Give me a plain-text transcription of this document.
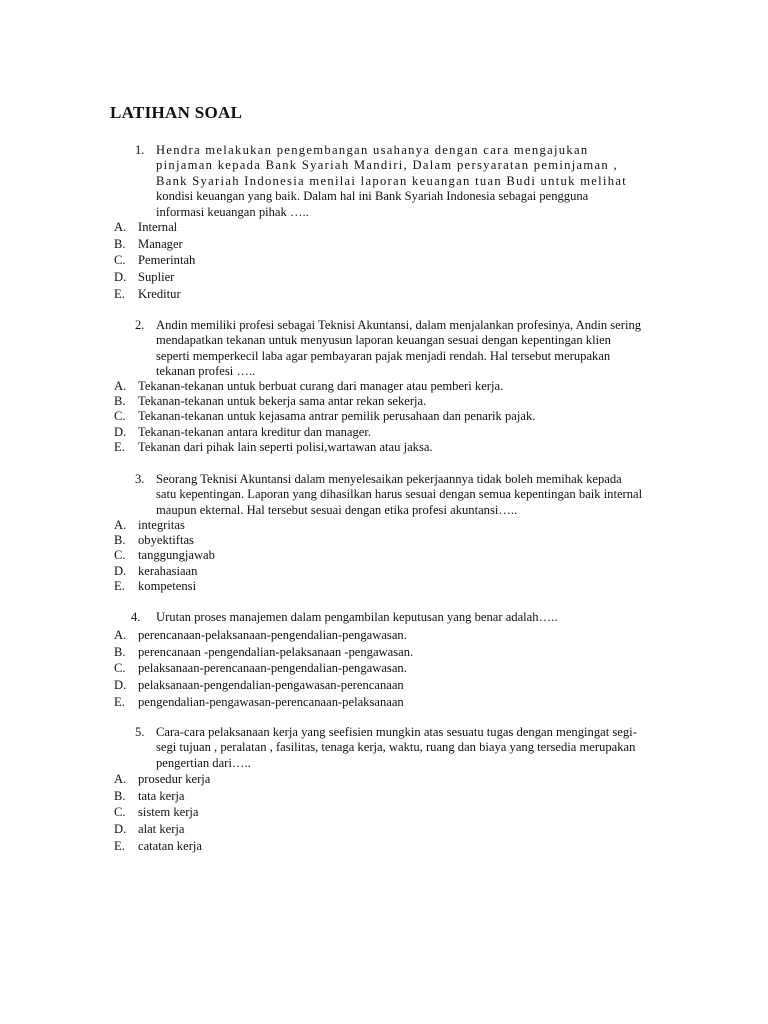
LATIHAN SOAL
1. Hendra melakukan pengembangan usahanya dengan cara mengajukan
pinjaman kepada Bank Syariah Mandiri, Dalam persyaratan peminjaman ,
Bank Syariah Indonesia menilai laporan keuangan tuan Budi untuk melihat
kondisi keuangan yang baik. Dalam hal ini Bank Syariah Indonesia sebagai pengguna
informasi keuangan pihak …..
A. Internal
B. Manager
C. Pemerintah
D. Suplier
E. Kreditur
2. Andin memiliki profesi sebagai Teknisi Akuntansi, dalam menjalankan profesinya, Andin sering
mendapatkan tekanan untuk menyusun laporan keuangan sesuai dengan kepentingan klien
seperti memperkecil laba agar pembayaran pajak menjadi rendah. Hal tersebut merupakan
tekanan profesi …..
A. Tekanan-tekanan untuk berbuat curang dari manager atau pemberi kerja.
B. Tekanan-tekanan untuk bekerja sama antar rekan sekerja.
C. Tekanan-tekanan untuk kejasama antrar pemilik perusahaan dan penarik pajak.
D. Tekanan-tekanan antara kreditur dan manager.
E. Tekanan dari pihak lain seperti polisi,wartawan atau jaksa.
3. Seorang Teknisi Akuntansi dalam menyelesaikan pekerjaannya tidak boleh memihak kepada
satu kepentingan. Laporan yang dihasilkan harus sesuai dengan semua kepentingan baik internal
maupun ekternal. Hal tersebut sesuai dengan etika profesi akuntansi…..
A. integritas
B. obyektiftas
C. tanggungjawab
D. kerahasiaan
E. kompetensi
4. Urutan proses manajemen dalam pengambilan keputusan yang benar adalah…..
A. perencanaan-pelaksanaan-pengendalian-pengawasan.
B. perencanaan -pengendalian-pelaksanaan -pengawasan.
C. pelaksanaan-perencanaan-pengendalian-pengawasan.
D. pelaksanaan-pengendalian-pengawasan-perencanaan
E. pengendalian-pengawasan-perencanaan-pelaksanaan
5. Cara-cara pelaksanaan kerja yang seefisien mungkin atas sesuatu tugas dengan mengingat segi-
segi tujuan , peralatan , fasilitas, tenaga kerja, waktu, ruang dan biaya yang tersedia merupakan
pengertian dari…..
A. prosedur kerja
B. tata kerja
C. sistem kerja
D. alat kerja
E. catatan kerja
